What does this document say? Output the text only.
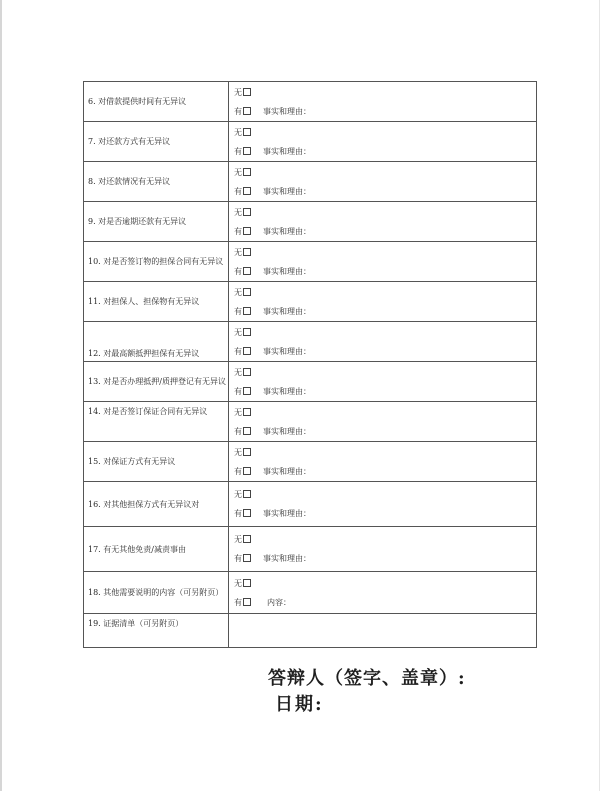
6. 对借款提供时间有无异议	无
有 事实和理由：

7. 对还款方式有无异议	无
有 事实和理由：

8. 对还款情况有无异议	无
有 事实和理由：

9. 对是否逾期还款有无异议	无
有 事实和理由：

10. 对是否签订物的担保合同有无异议	无
有 事实和理由：

11. 对担保人、担保物有无异议	无
有 事实和理由：

12. 对最高额抵押担保有无异议	无
有 事实和理由：

13. 对是否办理抵押/质押登记有无异议	无
有 事实和理由：

14. 对是否签订保证合同有无异议	无
有 事实和理由：

15. 对保证方式有无异议	无
有 事实和理由：

16. 对其他担保方式有无异议对	无
有 事实和理由：

17. 有无其他免责/减责事由	无
有 事实和理由：

18. 其他需要说明的内容（可另附页）	无
有 内容：

19. 证据清单（可另附页）	
答辩人（签字、盖章）:
日期:
